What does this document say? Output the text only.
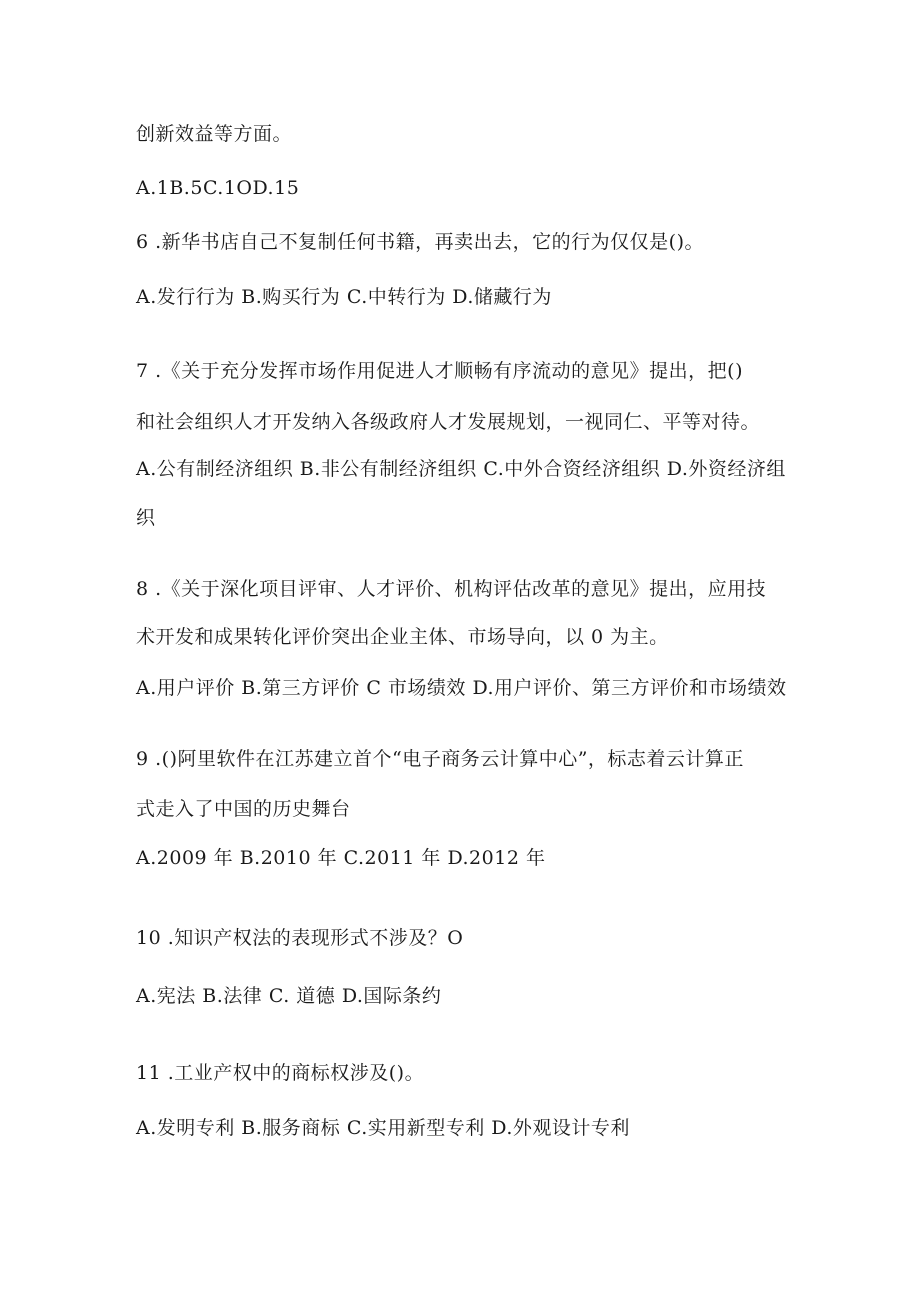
创新效益等方面。
A.1B.5C.1OD.15
6 .新华书店自己不复制任何书籍，再卖出去，它的行为仅仅是()。
A.发行行为 B.购买行为 C.中转行为 D.储藏行为
7 .《关于充分发挥市场作用促进人才顺畅有序流动的意见》提出，把()
和社会组织人才开发纳入各级政府人才发展规划，一视同仁、平等对待。
A.公有制经济组织 B.非公有制经济组织 C.中外合资经济组织 D.外资经济组
织
8 .《关于深化项目评审、人才评价、机构评估改革的意见》提出，应用技
术开发和成果转化评价突出企业主体、市场导向，以 0 为主。
A.用户评价 B.第三方评价 C 市场绩效 D.用户评价、第三方评价和市场绩效
9 .()阿里软件在江苏建立首个“电子商务云计算中心”，标志着云计算正
式走入了中国的历史舞台
A.2009 年 B.2010 年 C.2011 年 D.2012 年
10 .知识产权法的表现形式不涉及？O
A.宪法 B.法律 C. 道德 D.国际条约
11 .工业产权中的商标权涉及()。
A.发明专利 B.服务商标 C.实用新型专利 D.外观设计专利
